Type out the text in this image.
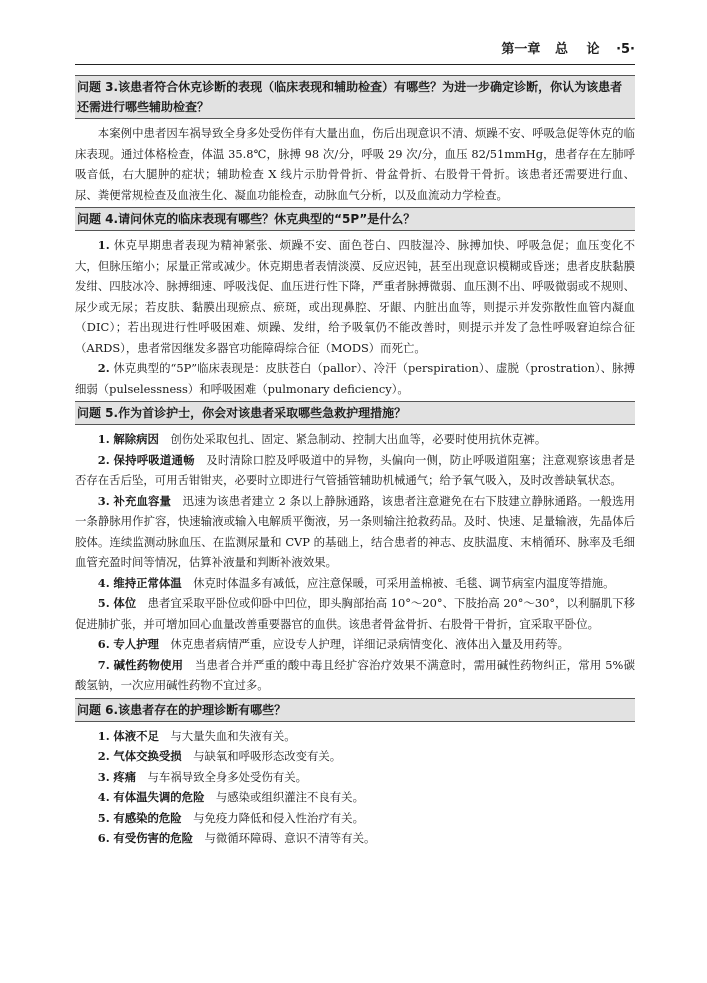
第一章 总 论 ·5·
问题 3.该患者符合休克诊断的表现（临床表现和辅助检查）有哪些？为进一步确定诊断，你认为该患者还需进行哪些辅助检查？

本案例中患者因车祸导致全身多处受伤伴有大量出血，伤后出现意识不清、烦躁不安、呼吸急促等休克的临床表现。通过体格检查，体温 35.8℃，脉搏 98 次/分，呼吸 29 次/分，血压 82/51mmHg，患者存在左肺呼吸音低，右大腿肿的症状；辅助检查 X 线片示肋骨骨折、骨盆骨折、右股骨干骨折。该患者还需要进行血、尿、粪便常规检查及血液生化、凝血功能检查，动脉血气分析，以及血流动力学检查。

问题 4.请问休克的临床表现有哪些？休克典型的“5P”是什么？

1. 休克早期患者表现为精神紧张、烦躁不安、面色苍白、四肢湿冷、脉搏加快、呼吸急促；血压变化不大，但脉压缩小；尿量正常或减少。休克期患者表情淡漠、反应迟钝，甚至出现意识模糊或昏迷；患者皮肤黏膜发绀、四肢冰冷、脉搏细速、呼吸浅促、血压进行性下降，严重者脉搏微弱、血压测不出、呼吸微弱或不规则、尿少或无尿；若皮肤、黏膜出现瘀点、瘀斑，或出现鼻腔、牙龈、内脏出血等，则提示并发弥散性血管内凝血（DIC）；若出现进行性呼吸困难、烦躁、发绀，给予吸氧仍不能改善时，则提示并发了急性呼吸窘迫综合征（ARDS），患者常因继发多器官功能障碍综合征（MODS）而死亡。

2. 休克典型的“5P”临床表现是：皮肤苍白（pallor）、冷汗（perspiration）、虚脱（prostration）、脉搏细弱（pulselessness）和呼吸困难（pulmonary deficiency）。

问题 5.作为首诊护士，你会对该患者采取哪些急救护理措施？

1. 解除病因　 创伤处采取包扎、固定、紧急制动、控制大出血等，必要时使用抗休克裤。

2. 保持呼吸道通畅　 及时清除口腔及呼吸道中的异物，头偏向一侧，防止呼吸道阻塞；注意观察该患者是否存在舌后坠，可用舌钳钳夹，必要时立即进行气管插管辅助机械通气；给予氧气吸入，及时改善缺氧状态。

3. 补充血容量　 迅速为该患者建立 2 条以上静脉通路，该患者注意避免在右下肢建立静脉通路。一般选用一条静脉用作扩容，快速输液或输入电解质平衡液，另一条则输注抢救药品。及时、快速、足量输液，先晶体后胶体。连续监测动脉血压、在监测尿量和 CVP 的基础上，结合患者的神志、皮肤温度、末梢循环、脉率及毛细血管充盈时间等情况，估算补液量和判断补液效果。

4. 维持正常体温　 休克时体温多有减低，应注意保暖，可采用盖棉被、毛毯、调节病室内温度等措施。

5. 体位　 患者宜采取平卧位或仰卧中凹位，即头胸部抬高 10°～20°、下肢抬高 20°～30°，以利膈肌下移促进肺扩张，并可增加回心血量改善重要器官的血供。该患者骨盆骨折、右股骨干骨折，宜采取平卧位。

6. 专人护理　 休克患者病情严重，应设专人护理，详细记录病情变化、液体出入量及用药等。

7. 碱性药物使用　 当患者合并严重的酸中毒且经扩容治疗效果不满意时，需用碱性药物纠正，常用 5%碳酸氢钠，一次应用碱性药物不宜过多。

问题 6.该患者存在的护理诊断有哪些？

1. 体液不足　 与大量失血和失液有关。

2. 气体交换受损　 与缺氧和呼吸形态改变有关。

3. 疼痛　 与车祸导致全身多处受伤有关。

4. 有体温失调的危险　 与感染或组织灌注不良有关。

5. 有感染的危险　 与免疫力降低和侵入性治疗有关。

6. 有受伤害的危险　 与微循环障碍、意识不清等有关。
